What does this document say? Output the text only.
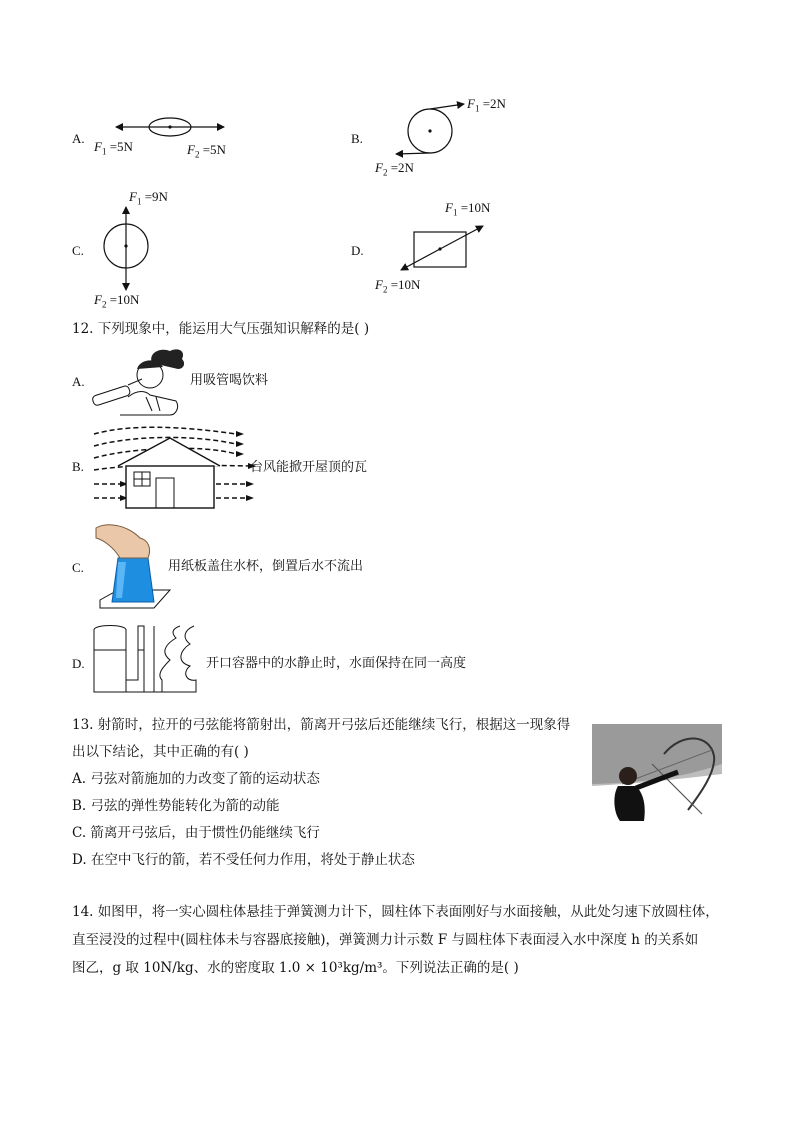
A.
$F_1 =5N$	$F_2 =5N$
B.
$F_1 =2N$
$F_2 =2N$
C.
$F_1 =9N$
$F_2 =10N$
D.
$F_1 =10N$
$F_2 =10N$
12. 下列现象中，能运用大气压强知识解释的是( )
A.	用吸管喝饮料
B.	台风能掀开屋顶的瓦
C.	用纸板盖住水杯，倒置后水不流出
D.	开口容器中的水静止时，水面保持在同一高度
13. 射箭时，拉开的弓弦能将箭射出，箭离开弓弦后还能继续飞行，根据这一现象得
出以下结论，其中正确的有( )
A. 弓弦对箭施加的力改变了箭的运动状态
B. 弓弦的弹性势能转化为箭的动能
C. 箭离开弓弦后，由于惯性仍能继续飞行
D. 在空中飞行的箭，若不受任何力作用，将处于静止状态
14. 如图甲，将一实心圆柱体悬挂于弹簧测力计下，圆柱体下表面刚好与水面接触，从此处匀速下放圆柱体，
直至浸没的过程中(圆柱体未与容器底接触)，弹簧测力计示数 F 与圆柱体下表面浸入水中深度 h 的关系如
图乙，g 取 10N/kg、水的密度取 1.0 × 10³kg/m³。下列说法正确的是( )
